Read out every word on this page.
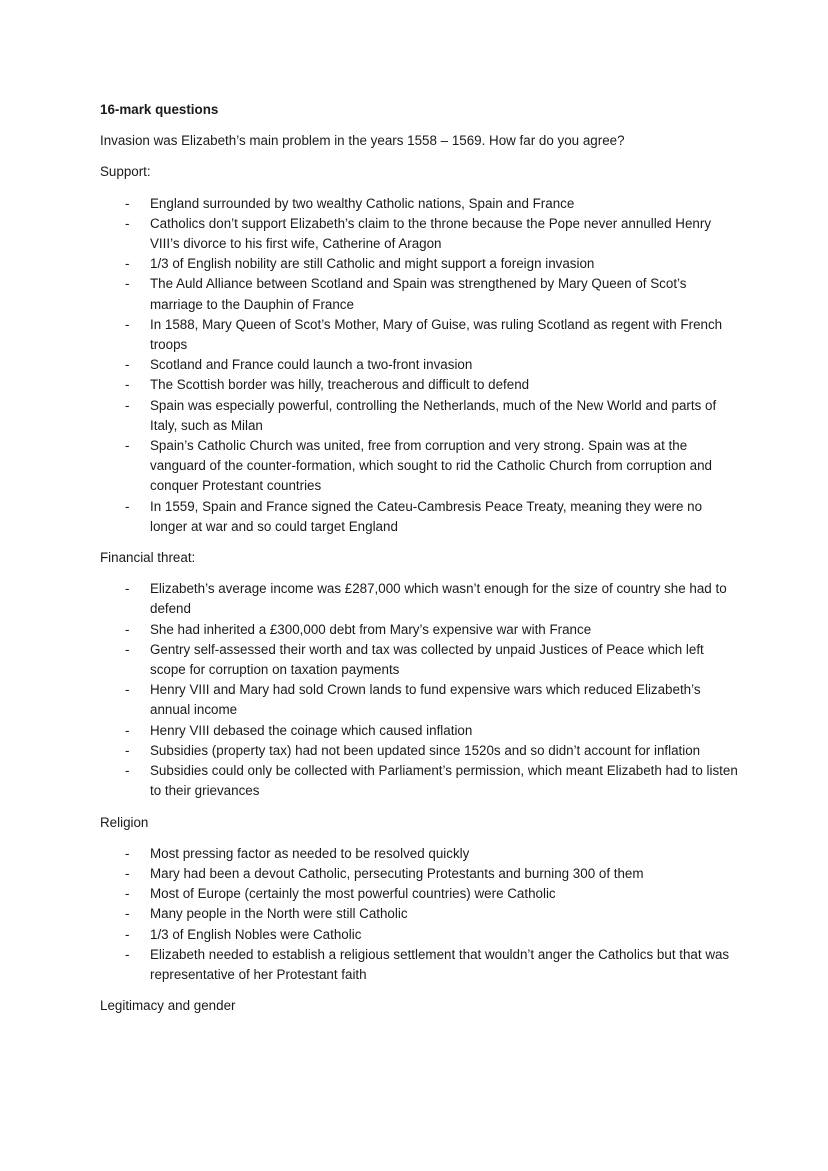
16-mark questions

Invasion was Elizabeth’s main problem in the years 1558 – 1569. How far do you agree?

Support:

- England surrounded by two wealthy Catholic nations, Spain and France
- Catholics don’t support Elizabeth’s claim to the throne because the Pope never annulled Henry VIII’s divorce to his first wife, Catherine of Aragon
- 1/3 of English nobility are still Catholic and might support a foreign invasion
- The Auld Alliance between Scotland and Spain was strengthened by Mary Queen of Scot’s marriage to the Dauphin of France
- In 1588, Mary Queen of Scot’s Mother, Mary of Guise, was ruling Scotland as regent with French troops
- Scotland and France could launch a two-front invasion
- The Scottish border was hilly, treacherous and difficult to defend
- Spain was especially powerful, controlling the Netherlands, much of the New World and parts of Italy, such as Milan
- Spain’s Catholic Church was united, free from corruption and very strong. Spain was at the vanguard of the counter-formation, which sought to rid the Catholic Church from corruption and conquer Protestant countries
- In 1559, Spain and France signed the Cateu-Cambresis Peace Treaty, meaning they were no longer at war and so could target England

Financial threat:

- Elizabeth’s average income was £287,000 which wasn’t enough for the size of country she had to defend
- She had inherited a £300,000 debt from Mary’s expensive war with France
- Gentry self-assessed their worth and tax was collected by unpaid Justices of Peace which left scope for corruption on taxation payments
- Henry VIII and Mary had sold Crown lands to fund expensive wars which reduced Elizabeth’s annual income
- Henry VIII debased the coinage which caused inflation
- Subsidies (property tax) had not been updated since 1520s and so didn’t account for inflation
- Subsidies could only be collected with Parliament’s permission, which meant Elizabeth had to listen to their grievances

Religion

- Most pressing factor as needed to be resolved quickly
- Mary had been a devout Catholic, persecuting Protestants and burning 300 of them
- Most of Europe (certainly the most powerful countries) were Catholic
- Many people in the North were still Catholic
- 1/3 of English Nobles were Catholic
- Elizabeth needed to establish a religious settlement that wouldn’t anger the Catholics but that was representative of her Protestant faith

Legitimacy and gender
